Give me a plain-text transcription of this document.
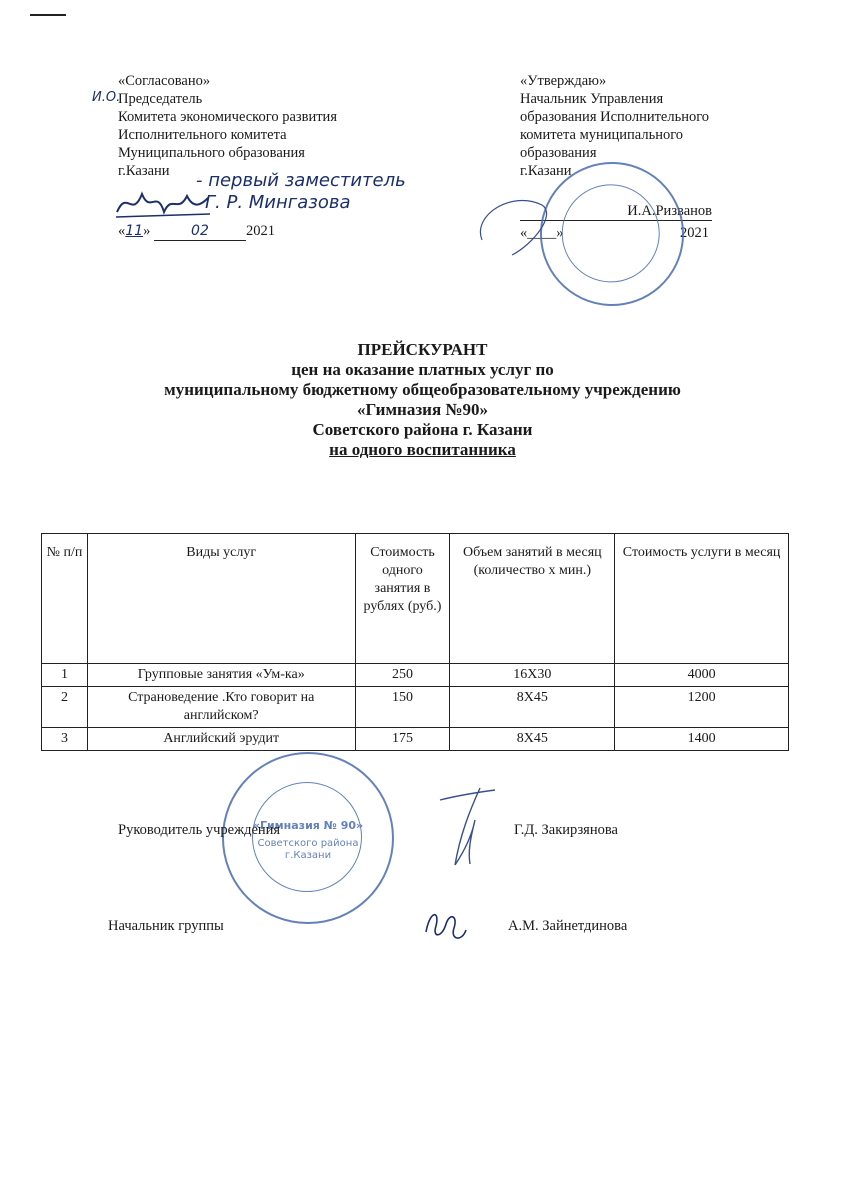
«Согласовано»
Председатель
Комитета экономического развития
Исполнительного комитета
Муниципального образования
г.Казани
И.О.
- первый заместитель
Г. Р. Мингазова
«11»	02	2021
«Утверждаю»
Начальник Управления
образования Исполнительного
комитета муниципального
образования
г.Казани
И.А.Ризванов
«____»	2021
ПРЕЙСКУРАНТ
цен на оказание платных услуг по
муниципальному бюджетному общеобразовательному учреждению
«Гимназия №90»
Советского района г. Казани
на одного воспитанника
№ п/п	Виды услуг	Стоимость одного занятия в рублях (руб.)	Объем занятий в месяц (количество х мин.)	Стоимость услуги в месяц
1	Групповые занятия «Ум-ка»	250	16Х30	4000
2	Страноведение .Кто говорит на английском?	150	8Х45	1200
3	Английский эрудит	175	8Х45	1400
«Гимназия № 90»
Советского района
г.Казани
Руководитель учреждения	Г.Д. Закирзянова
Начальник группы	А.М. Зайнетдинова
